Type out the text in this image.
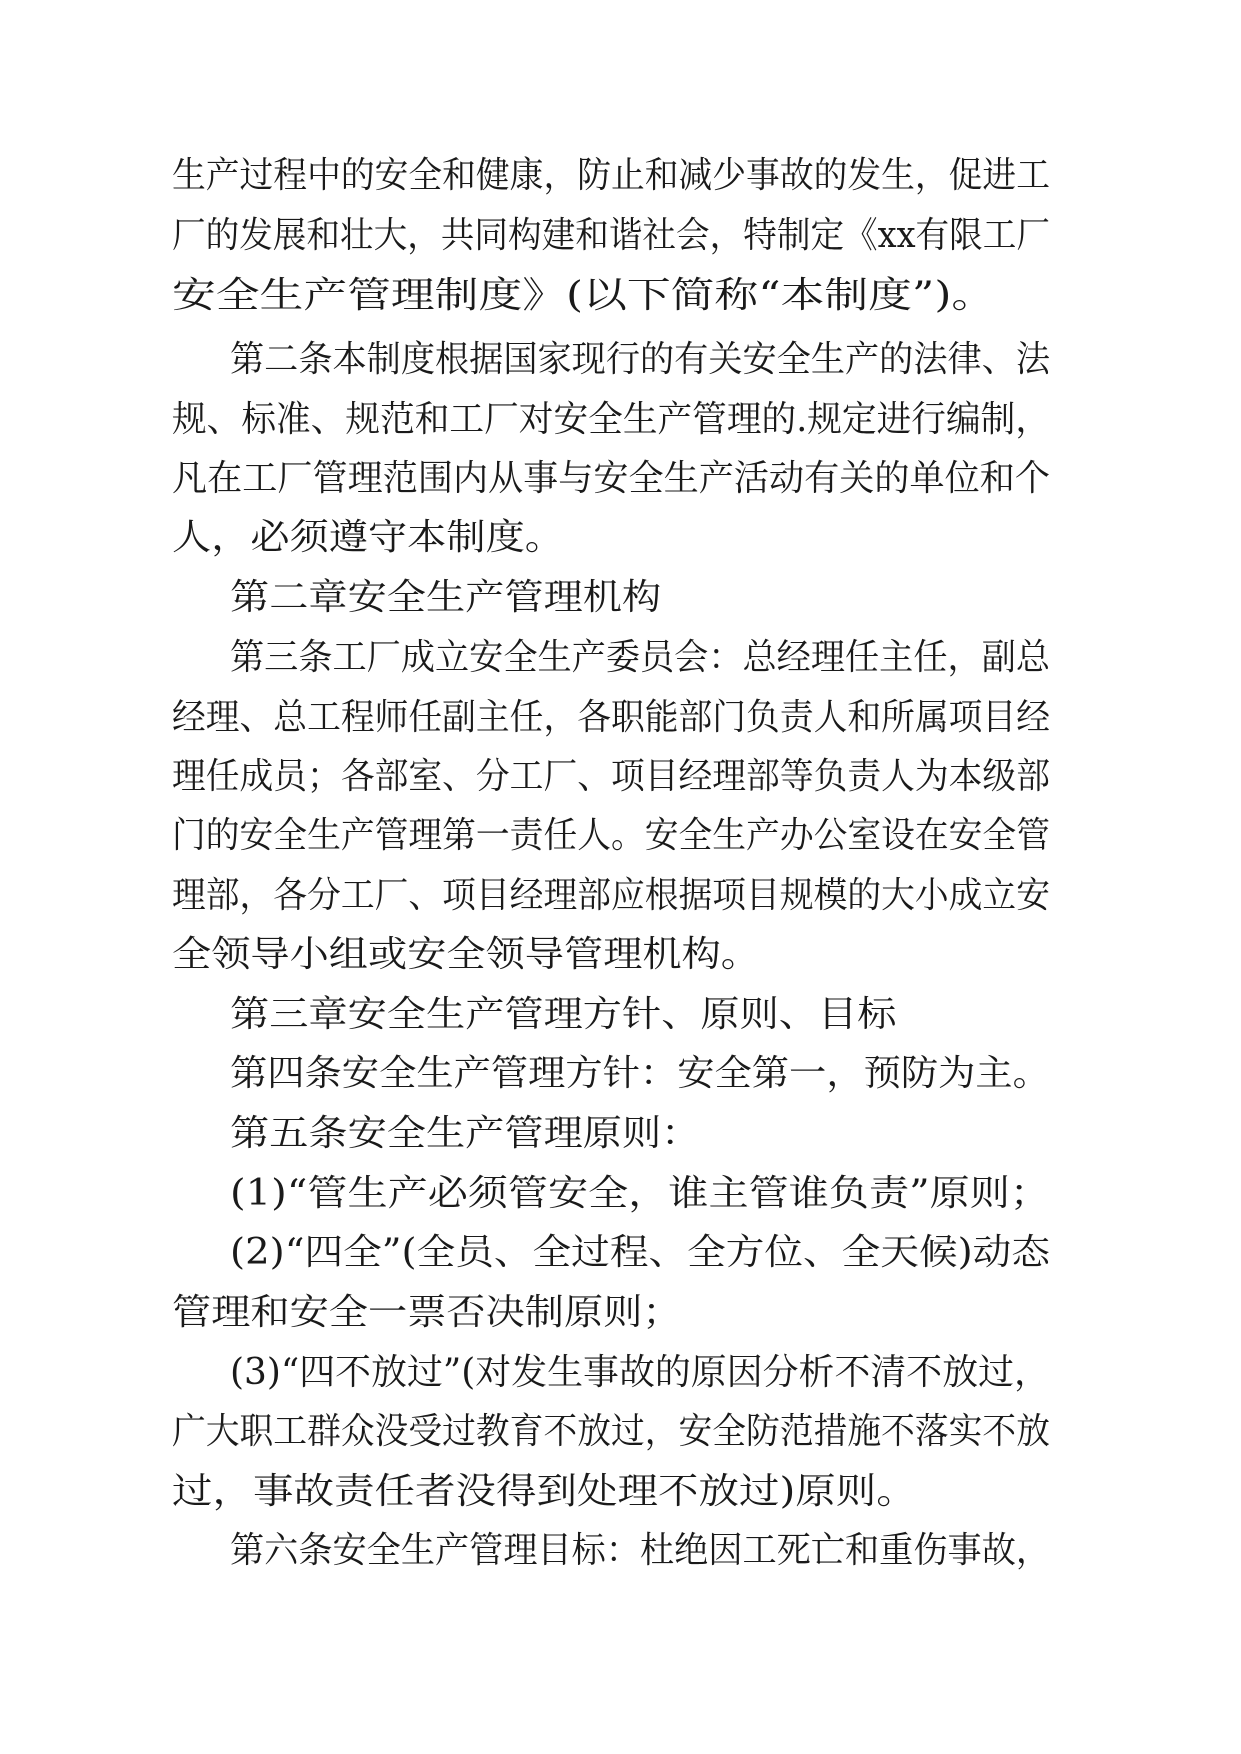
生产过程中的安全和健康，防止和减少事故的发生，促进工
厂的发展和壮大，共同构建和谐社会，特制定《xx有限工厂
安全生产管理制度》(以下简称“本制度”)。
第二条本制度根据国家现行的有关安全生产的法律、法
规、标准、规范和工厂对安全生产管理的.规定进行编制，
凡在工厂管理范围内从事与安全生产活动有关的单位和个
人，必须遵守本制度。
第二章安全生产管理机构
第三条工厂成立安全生产委员会：总经理任主任，副总
经理、总工程师任副主任，各职能部门负责人和所属项目经
理任成员；各部室、分工厂、项目经理部等负责人为本级部
门的安全生产管理第一责任人。安全生产办公室设在安全管
理部，各分工厂、项目经理部应根据项目规模的大小成立安
全领导小组或安全领导管理机构。
第三章安全生产管理方针、原则、目标
第四条安全生产管理方针：安全第一，预防为主。
第五条安全生产管理原则：
(1)“管生产必须管安全，谁主管谁负责”原则；
(2)“四全”(全员、全过程、全方位、全天候)动态
管理和安全一票否决制原则；
(3)“四不放过”(对发生事故的原因分析不清不放过，
广大职工群众没受过教育不放过，安全防范措施不落实不放
过，事故责任者没得到处理不放过)原则。
第六条安全生产管理目标：杜绝因工死亡和重伤事故，
